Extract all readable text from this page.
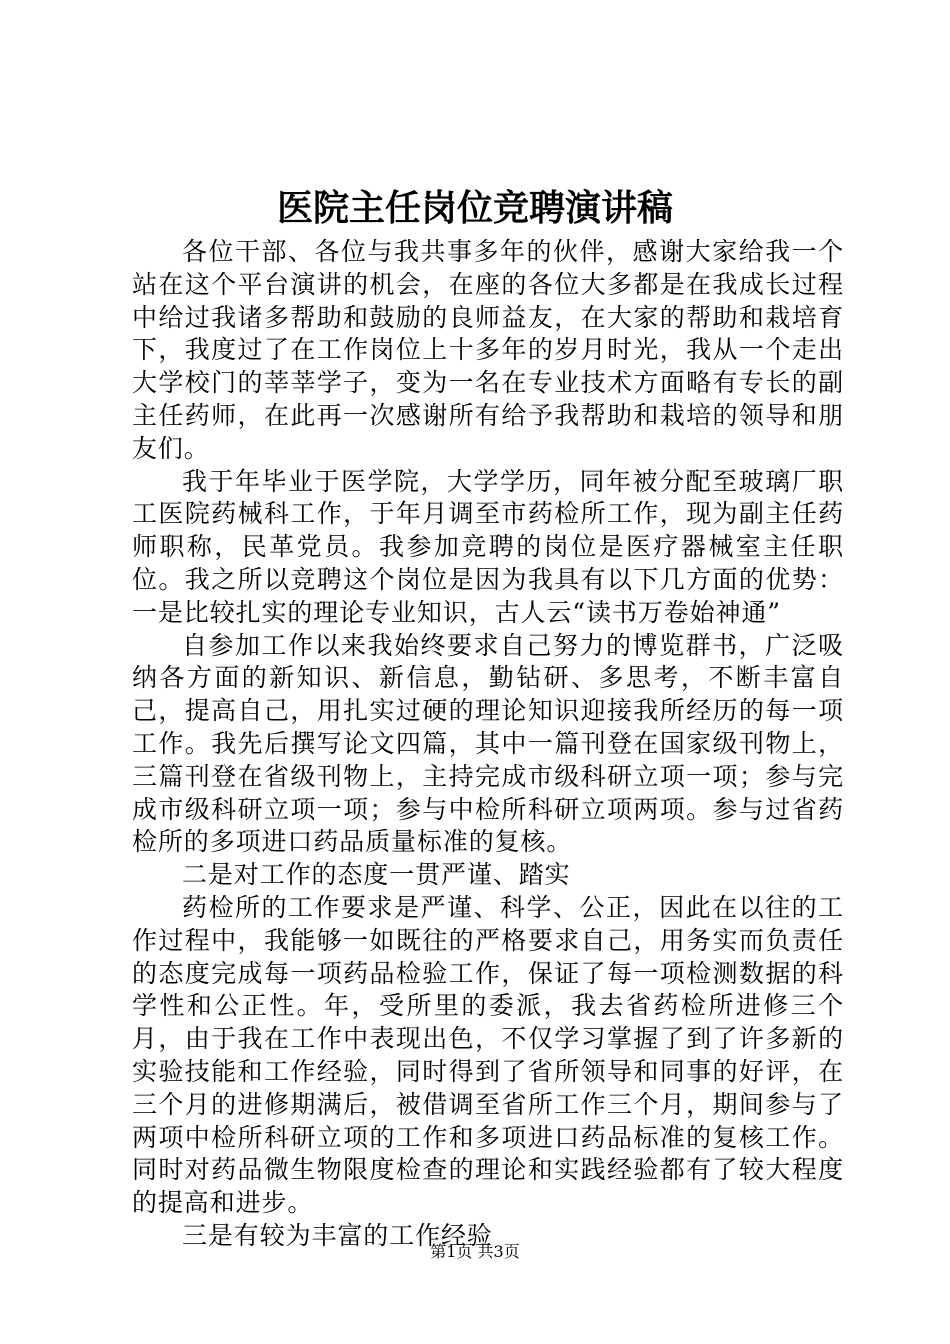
医院主任岗位竞聘演讲稿

各位干部、各位与我共事多年的伙伴，感谢大家给我一个站在这个平台演讲的机会，在座的各位大多都是在我成长过程中给过我诸多帮助和鼓励的良师益友，在大家的帮助和栽培育下，我度过了在工作岗位上十多年的岁月时光，我从一个走出大学校门的莘莘学子，变为一名在专业技术方面略有专长的副主任药师，在此再一次感谢所有给予我帮助和栽培的领导和朋友们。

我于年毕业于医学院，大学学历，同年被分配至玻璃厂职工医院药械科工作，于年月调至市药检所工作，现为副主任药师职称，民革党员。我参加竞聘的岗位是医疗器械室主任职位。我之所以竞聘这个岗位是因为我具有以下几方面的优势：一是比较扎实的理论专业知识，古人云“读书万卷始神通”

自参加工作以来我始终要求自己努力的博览群书，广泛吸纳各方面的新知识、新信息，勤钻研、多思考，不断丰富自己，提高自己，用扎实过硬的理论知识迎接我所经历的每一项工作。我先后撰写论文四篇，其中一篇刊登在国家级刊物上，三篇刊登在省级刊物上，主持完成市级科研立项一项；参与完成市级科研立项一项；参与中检所科研立项两项。参与过省药检所的多项进口药品质量标准的复核。

二是对工作的态度一贯严谨、踏实

药检所的工作要求是严谨、科学、公正，因此在以往的工作过程中，我能够一如既往的严格要求自己，用务实而负责任的态度完成每一项药品检验工作，保证了每一项检测数据的科学性和公正性。年，受所里的委派，我去省药检所进修三个月，由于我在工作中表现出色，不仅学习掌握了到了许多新的实验技能和工作经验，同时得到了省所领导和同事的好评，在三个月的进修期满后，被借调至省所工作三个月，期间参与了两项中检所科研立项的工作和多项进口药品标准的复核工作。同时对药品微生物限度检查的理论和实践经验都有了较大程度的提高和进步。

三是有较为丰富的工作经验

第1页 共3页
